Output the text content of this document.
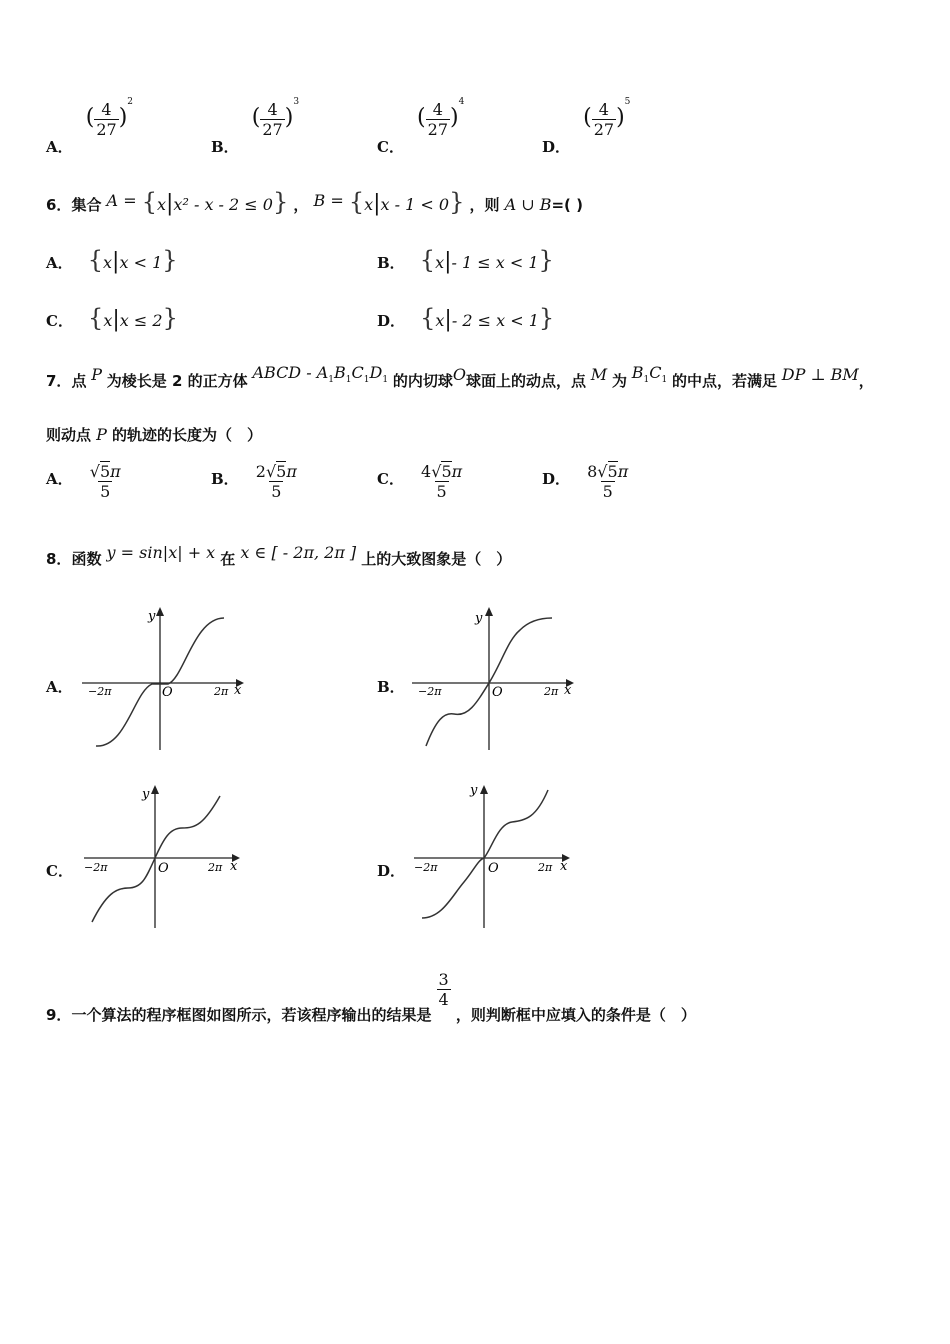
A． ( $\frac{4}{27} )^2$
B． ( $\frac{4}{27} )^3$
C． ( $\frac{4}{27} )^4$
D． ( $\frac{4}{27} )^5$
6．集合 A = {x|x² - x - 2 ≤ 0} ， B = {x|x - 1 < 0} ，则 A ∪ B=( )
A． {x|x < 1}	B． {x|- 1 ≤ x < 1}
C． {x|x ≤ 2}	D． {x|- 2 ≤ x < 1}
7．点 P 为棱长是 2 的正方体 ABCD - $A_1B_1C_1D_1$ 的内切球O球面上的动点，点 M 为 $B_1C_1$ 的中点，若满足 DP ⊥ BM，
则动点 P 的轨迹的长度为（　）
A． $\frac{√5\pi}{5}$	B． $\frac{2√5\pi}{5}$	C． $\frac{4√5\pi}{5}$	D． $\frac{8√5\pi}{5}$
8．函数 y = sin|x| + x 在 x ∈ [ - 2π, 2π ] 上的大致图象是（　）
A．
y
x
O
−2π	2π	B．
y
x
O
−2π	2π
C．
y
x
O
−2π	2π	D．
y
x
O
−2π	2π
9．一个算法的程序框图如图所示，若该程序输出的结果是
$\frac{3}{4}$
，则判断框中应填入的条件是（　）
